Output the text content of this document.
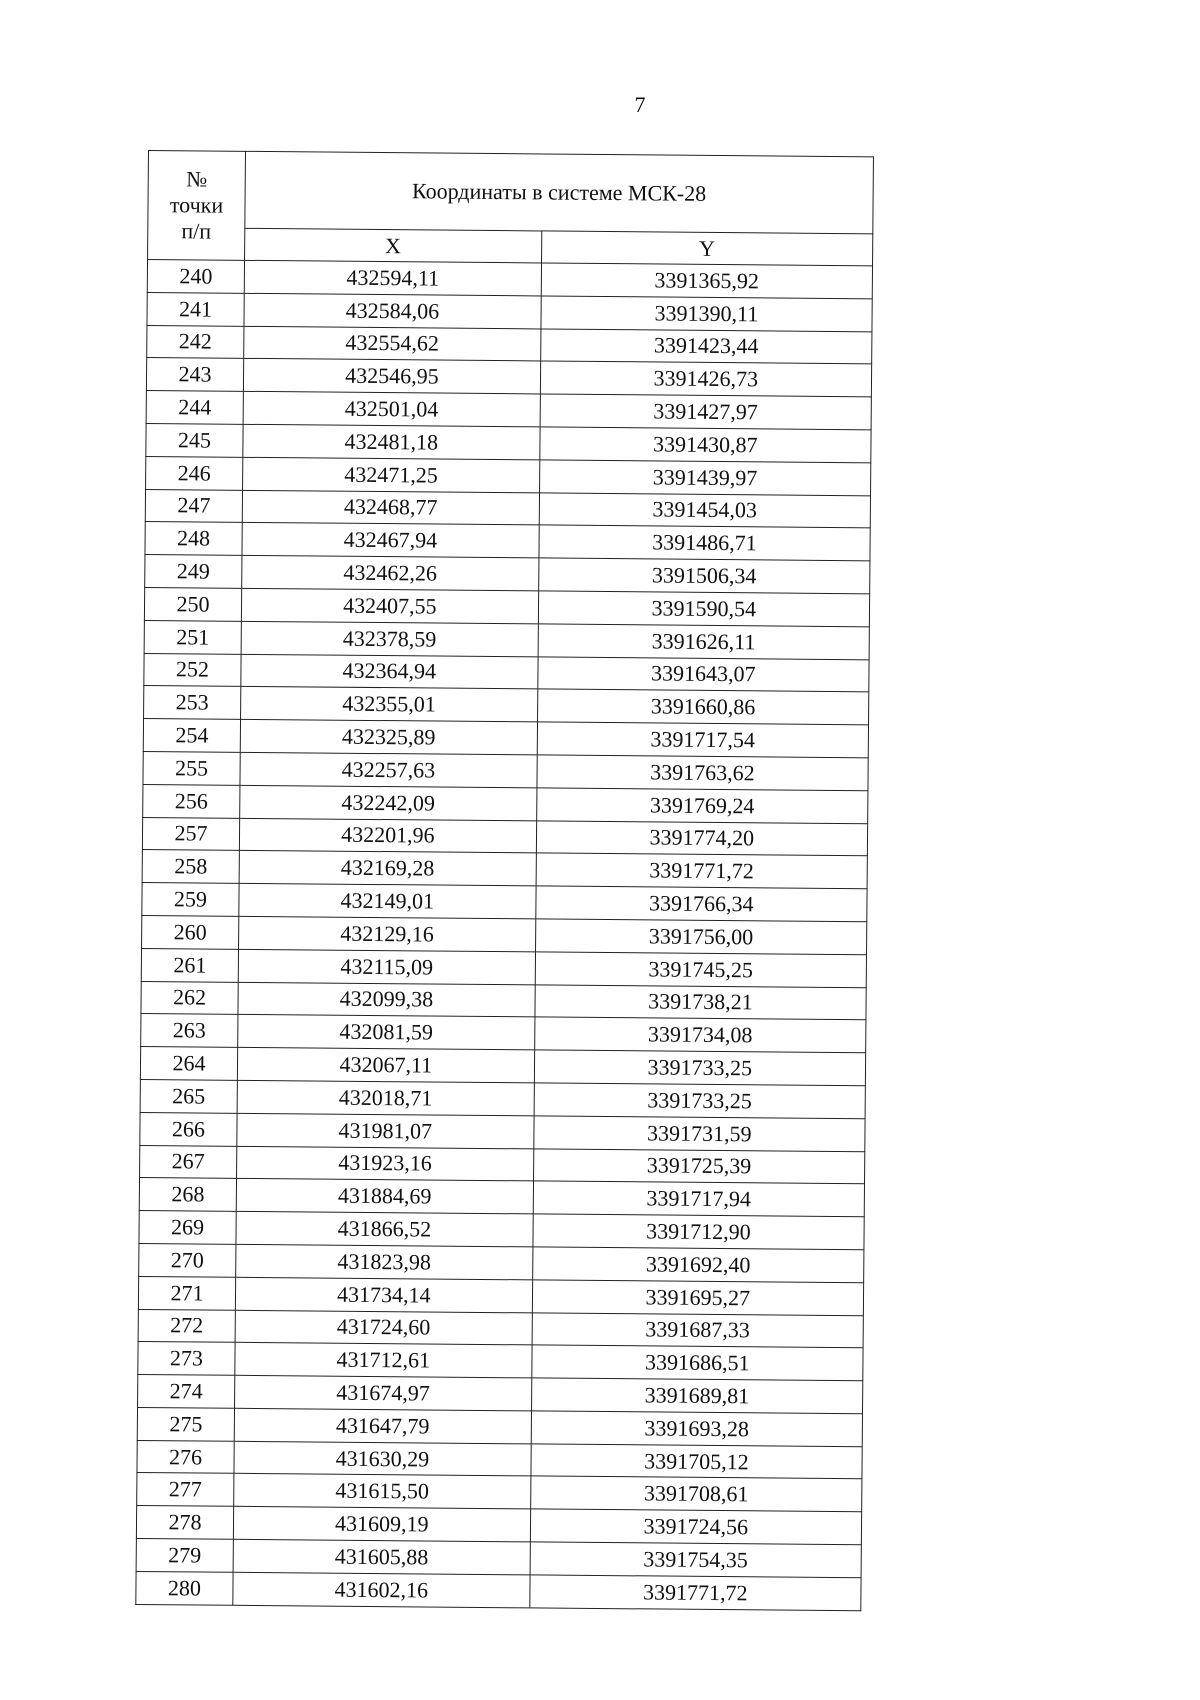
7
№
точки
п/п	Координаты в системе МСК-28	
	X	Y
240	432594,11	3391365,92
241	432584,06	3391390,11
242	432554,62	3391423,44
243	432546,95	3391426,73
244	432501,04	3391427,97
245	432481,18	3391430,87
246	432471,25	3391439,97
247	432468,77	3391454,03
248	432467,94	3391486,71
249	432462,26	3391506,34
250	432407,55	3391590,54
251	432378,59	3391626,11
252	432364,94	3391643,07
253	432355,01	3391660,86
254	432325,89	3391717,54
255	432257,63	3391763,62
256	432242,09	3391769,24
257	432201,96	3391774,20
258	432169,28	3391771,72
259	432149,01	3391766,34
260	432129,16	3391756,00
261	432115,09	3391745,25
262	432099,38	3391738,21
263	432081,59	3391734,08
264	432067,11	3391733,25
265	432018,71	3391733,25
266	431981,07	3391731,59
267	431923,16	3391725,39
268	431884,69	3391717,94
269	431866,52	3391712,90
270	431823,98	3391692,40
271	431734,14	3391695,27
272	431724,60	3391687,33
273	431712,61	3391686,51
274	431674,97	3391689,81
275	431647,79	3391693,28
276	431630,29	3391705,12
277	431615,50	3391708,61
278	431609,19	3391724,56
279	431605,88	3391754,35
280	431602,16	3391771,72
